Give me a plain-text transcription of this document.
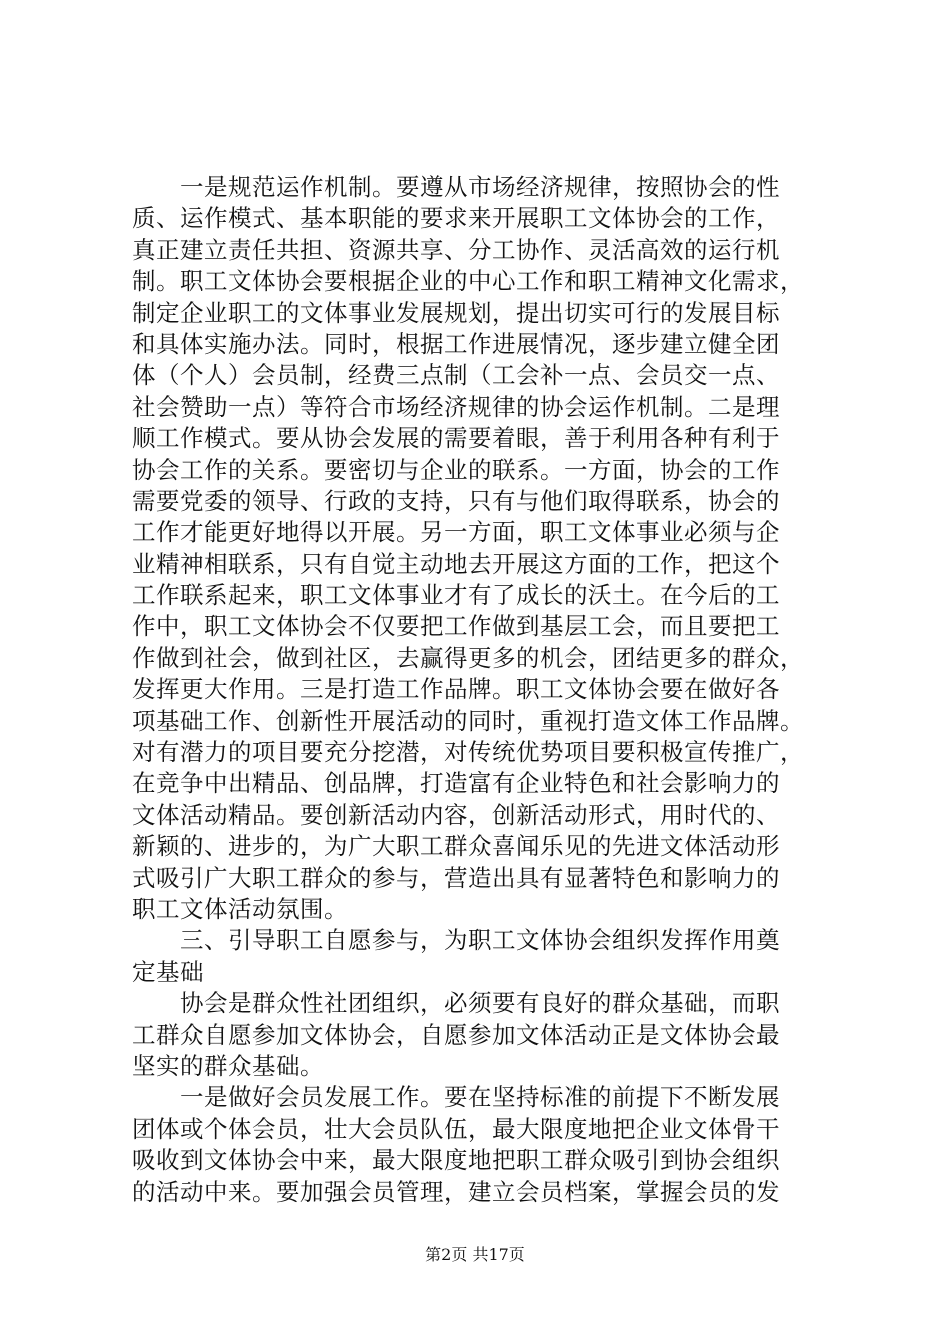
　　一是规范运作机制。要遵从市场经济规律，按照协会的性
质、运作模式、基本职能的要求来开展职工文体协会的工作，
真正建立责任共担、资源共享、分工协作、灵活高效的运行机
制。职工文体协会要根据企业的中心工作和职工精神文化需求，
制定企业职工的文体事业发展规划，提出切实可行的发展目标
和具体实施办法。同时，根据工作进展情况，逐步建立健全团
体（个人）会员制，经费三点制（工会补一点、会员交一点、
社会赞助一点）等符合市场经济规律的协会运作机制。二是理
顺工作模式。要从协会发展的需要着眼，善于利用各种有利于
协会工作的关系。要密切与企业的联系。一方面，协会的工作
需要党委的领导、行政的支持，只有与他们取得联系，协会的
工作才能更好地得以开展。另一方面，职工文体事业必须与企
业精神相联系，只有自觉主动地去开展这方面的工作，把这个
工作联系起来，职工文体事业才有了成长的沃土。在今后的工
作中，职工文体协会不仅要把工作做到基层工会，而且要把工
作做到社会，做到社区，去赢得更多的机会，团结更多的群众，
发挥更大作用。三是打造工作品牌。职工文体协会要在做好各
项基础工作、创新性开展活动的同时，重视打造文体工作品牌。
对有潜力的项目要充分挖潜，对传统优势项目要积极宣传推广，
在竞争中出精品、创品牌，打造富有企业特色和社会影响力的
文体活动精品。要创新活动内容，创新活动形式，用时代的、
新颖的、进步的，为广大职工群众喜闻乐见的先进文体活动形
式吸引广大职工群众的参与，营造出具有显著特色和影响力的
职工文体活动氛围。
　　三、引导职工自愿参与，为职工文体协会组织发挥作用奠
定基础
　　协会是群众性社团组织，必须要有良好的群众基础，而职
工群众自愿参加文体协会，自愿参加文体活动正是文体协会最
坚实的群众基础。
　　一是做好会员发展工作。要在坚持标准的前提下不断发展
团体或个体会员，壮大会员队伍，最大限度地把企业文体骨干
吸收到文体协会中来，最大限度地把职工群众吸引到协会组织
的活动中来。要加强会员管理，建立会员档案，掌握会员的发
第2页 共17页
